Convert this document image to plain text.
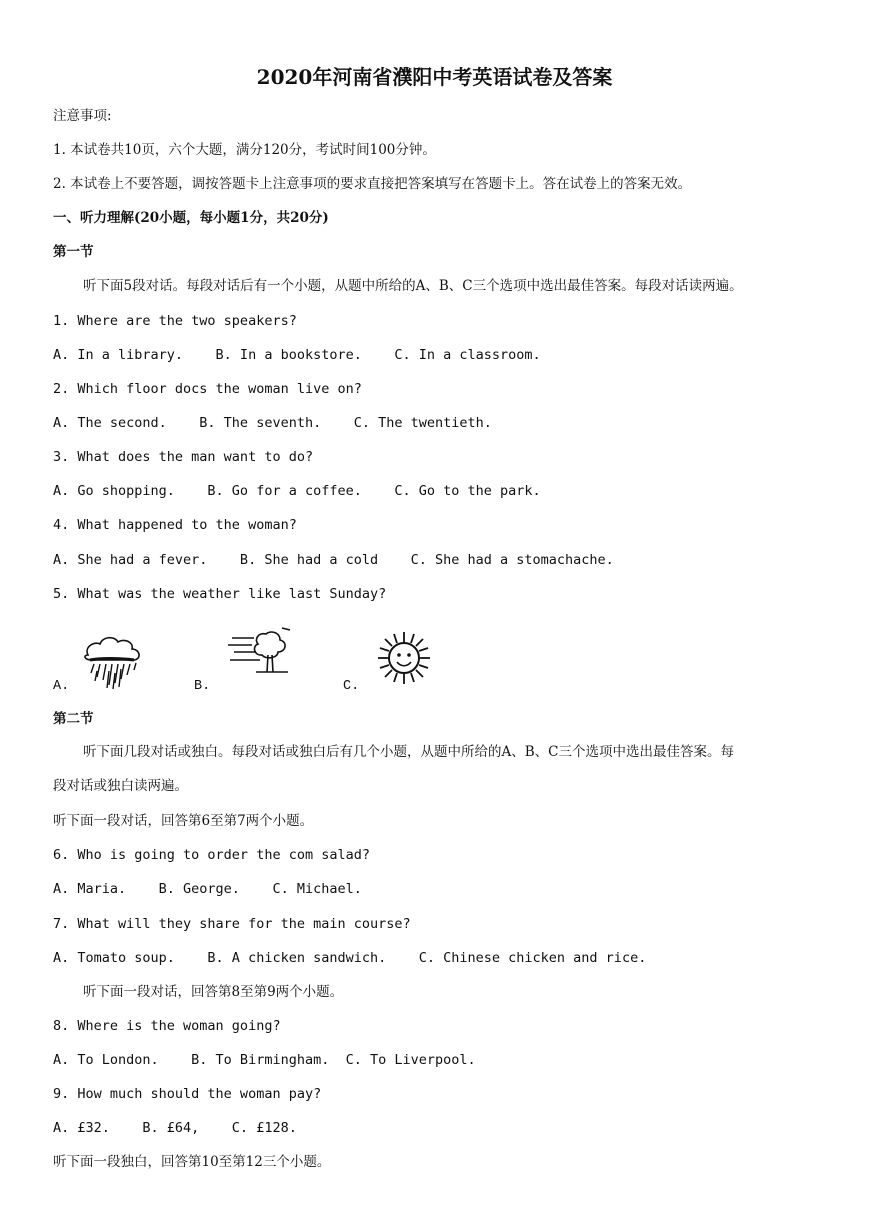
2020年河南省濮阳中考英语试卷及答案
注意事项:
1. 本试卷共10页，六个大题，满分120分，考试时间100分钟。
2. 本试卷上不要答题，调按答题卡上注意事项的要求直接把答案填写在答题卡上。答在试卷上的答案无效。
一、听力理解(20小题，每小题1分，共20分)
第一节
听下面5段对话。每段对话后有一个小题，从题中所给的A、B、C三个选项中选出最佳答案。每段对话读两遍。
1. Where are the two speakers?
A. In a library.    B. In a bookstore.    C. In a classroom.
2. Which floor docs the woman live on?
A. The second.    B. The seventh.    C. The twentieth.
3. What does the man want to do?
A. Go shopping.    B. Go for a coffee.    C. Go to the park.
4. What happened to the woman?
A. She had a fever.    B. She had a cold    C. She had a stomachache.
5. What was the weather like last Sunday?
A.	B.	C.
第二节
听下面几段对话或独白。每段对话或独白后有几个小题，从题中所给的A、B、C三个选项中选出最佳答案。每
段对话或独白读两遍。
听下面一段对话，回答第6至第7两个小题。
6. Who is going to order the com salad?
A. Maria.    B. George.    C. Michael.
7. What will they share for the main course?
A. Tomato soup.    B. A chicken sandwich.    C. Chinese chicken and rice.
听下面一段对话，回答第8至第9两个小题。
8. Where is the woman going?
A. To London.    B. To Birmingham.  C. To Liverpool.
9. How much should the woman pay?
A. £32.    B. £64,    C. £128.
听下面一段独白，回答第10至第12三个小题。
